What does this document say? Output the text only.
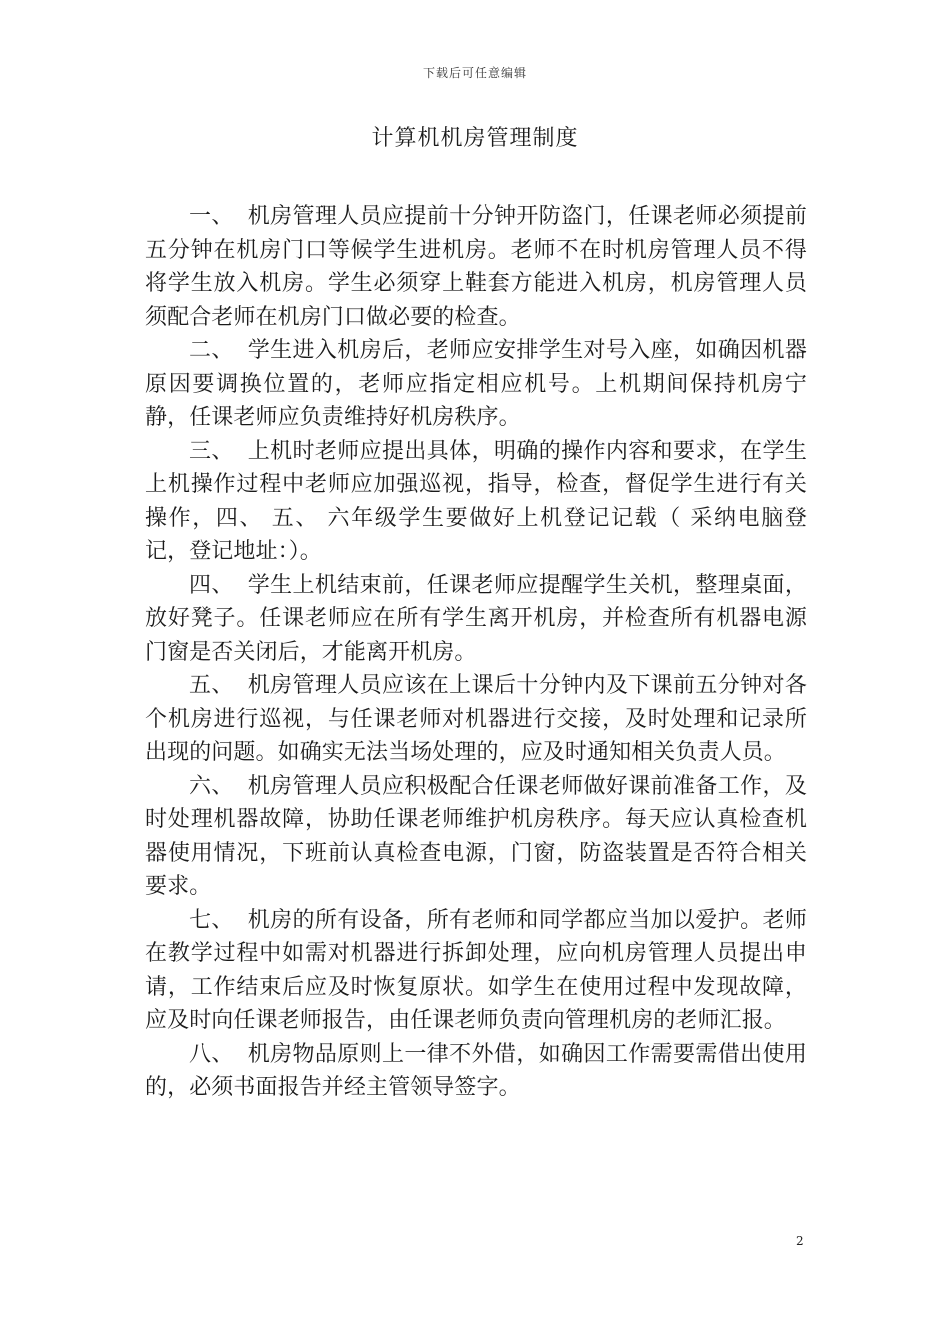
下载后可任意编辑
计算机机房管理制度

一、 机房管理人员应提前十分钟开防盗门，任课老师必须提前五分钟在机房门口等候学生进机房。老师不在时机房管理人员不得将学生放入机房。学生必须穿上鞋套方能进入机房，机房管理人员须配合老师在机房门口做必要的检查。

二、 学生进入机房后，老师应安排学生对号入座，如确因机器原因要调换位置的，老师应指定相应机号。上机期间保持机房宁静，任课老师应负责维持好机房秩序。

三、 上机时老师应提出具体，明确的操作内容和要求，在学生上机操作过程中老师应加强巡视，指导，检查，督促学生进行有关操作，四、 五、 六年级学生要做好上机登记记载（ 采纳电脑登记，登记地址：）。

四、 学生上机结束前，任课老师应提醒学生关机，整理桌面，放好凳子。任课老师应在所有学生离开机房，并检查所有机器电源门窗是否关闭后，才能离开机房。

五、 机房管理人员应该在上课后十分钟内及下课前五分钟对各个机房进行巡视，与任课老师对机器进行交接，及时处理和记录所出现的问题。如确实无法当场处理的，应及时通知相关负责人员。

六、 机房管理人员应积极配合任课老师做好课前准备工作，及时处理机器故障，协助任课老师维护机房秩序。每天应认真检查机器使用情况，下班前认真检查电源，门窗，防盗装置是否符合相关要求。

七、 机房的所有设备，所有老师和同学都应当加以爱护。老师在教学过程中如需对机器进行拆卸处理，应向机房管理人员提出申请，工作结束后应及时恢复原状。如学生在使用过程中发现故障，应及时向任课老师报告，由任课老师负责向管理机房的老师汇报。

八、 机房物品原则上一律不外借，如确因工作需要需借出使用的，必须书面报告并经主管领导签字。

2
